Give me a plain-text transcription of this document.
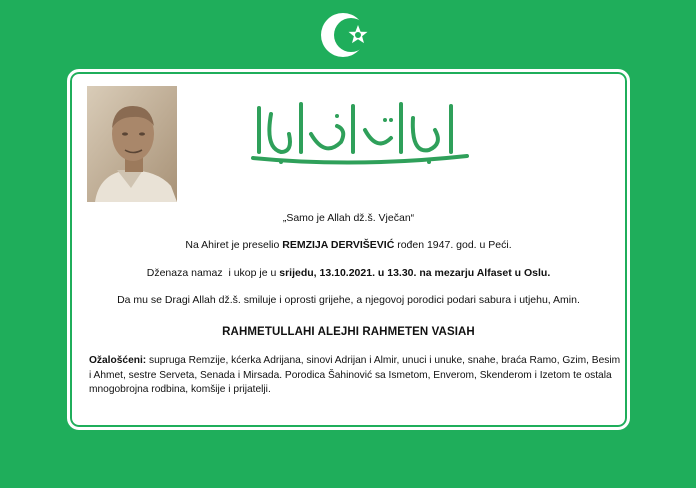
„Samo je Allah dž.š. Vječan“
Na Ahiret je preselio REMZIJA DERVIŠEVIĆ rođen 1947. god. u Peći.
Dženaza namaz  i ukop je u srijedu, 13.10.2021. u 13.30. na mezarju Alfaset u Oslu.
Da mu se Dragi Allah dž.š. smiluje i oprosti grijehe, a njegovoj porodici podari sabura i utjehu, Amin.
RAHMETULLAHI ALEJHI RAHMETEN VASIAH
Ožalošćeni: supruga Remzije, kćerka Adrijana, sinovi Adrijan i Almir, unuci i unuke, snahe, braća Ramo, Gzim, Besim i Ahmet, sestre Serveta, Senada i Mirsada. Porodica Šahinović sa Ismetom, Enverom, Skenderom i Izetom te ostala mnogobrojna rodbina, komšije i prijatelji.
